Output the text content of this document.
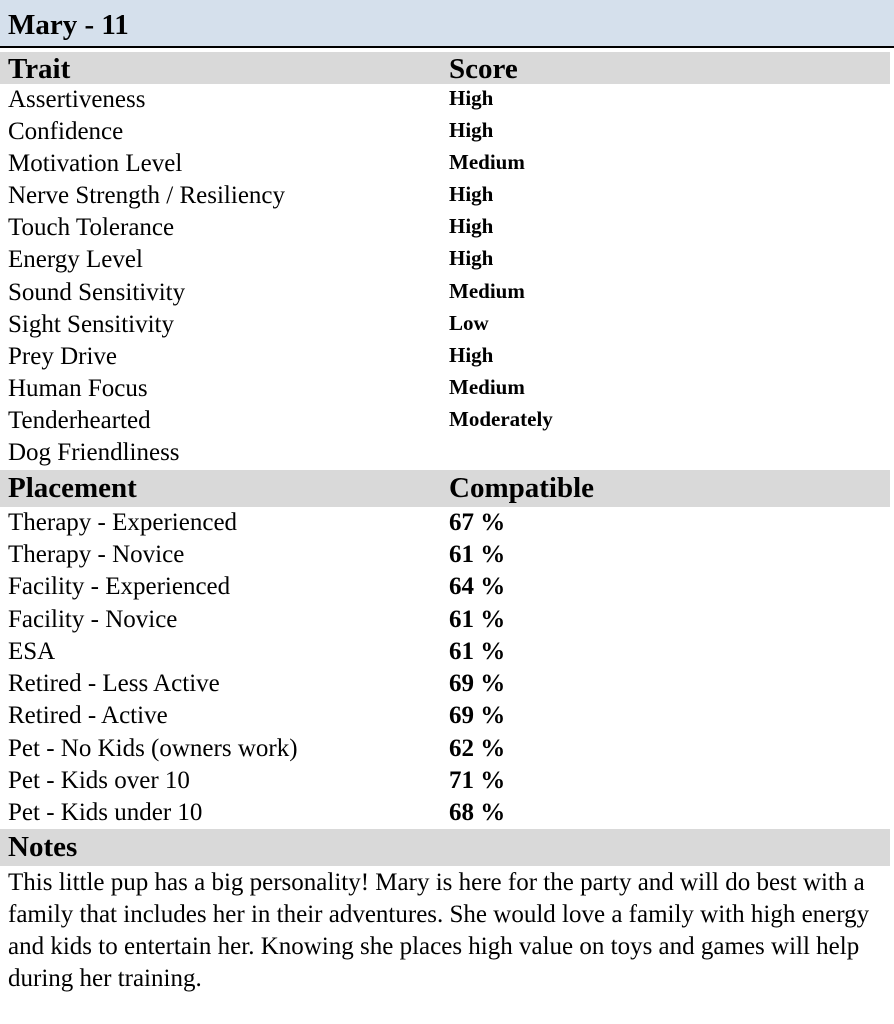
Mary - 11
Trait	Score
Assertiveness	High
Confidence	High
Motivation Level	Medium
Nerve Strength / Resiliency	High
Touch Tolerance	High
Energy Level	High
Sound Sensitivity	Medium
Sight Sensitivity	Low
Prey Drive	High
Human Focus	Medium
Tenderhearted	Moderately
Dog Friendliness
Placement	Compatible
Therapy - Experienced	67 %
Therapy - Novice	61 %
Facility - Experienced	64 %
Facility - Novice	61 %
ESA	61 %
Retired - Less Active	69 %
Retired - Active	69 %
Pet - No Kids (owners work)	62 %
Pet - Kids over 10	71 %
Pet - Kids under 10	68 %
Notes
This little pup has a big personality! Mary is here for the party and will do best with a family that includes her in their adventures. She would love a family with high energy and kids to entertain her. Knowing she places high value on toys and games will help during her training.
